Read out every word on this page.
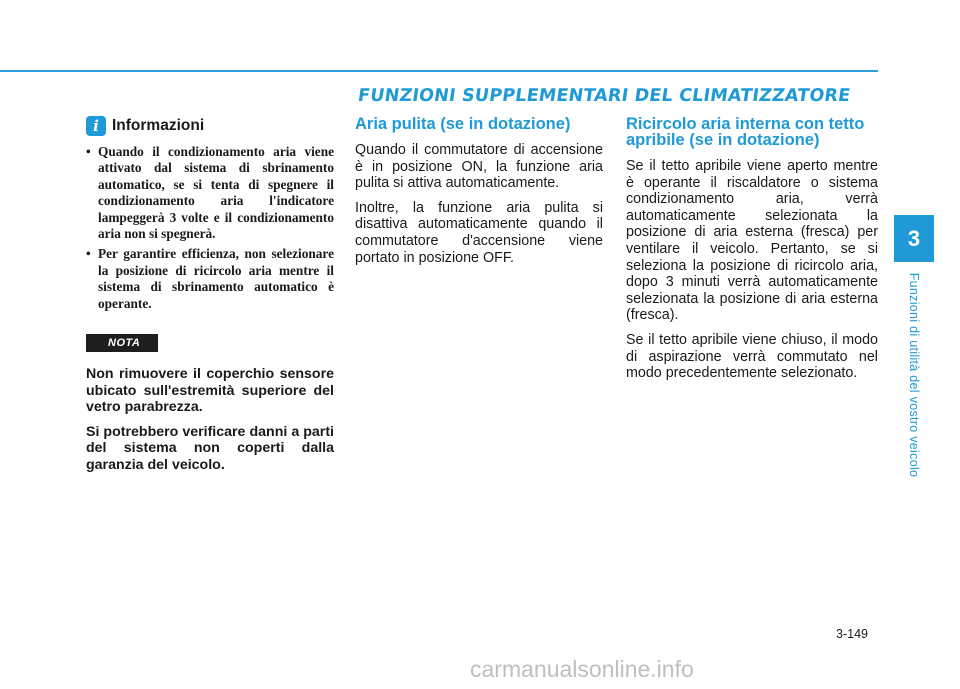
FUNZIONI SUPPLEMENTARI DEL CLIMATIZZATORE
i Informazioni
• Quando il condizionamento aria viene attivato dal sistema di sbrinamento automatico, se si tenta di spegnere il condizionamento aria l'indicatore lampeggerà 3 volte e il condizionamento aria non si spegnerà.
• Per garantire efficienza, non selezionare la posizione di ricircolo aria mentre il sistema di sbrinamento automatico è operante.
NOTA

Non rimuovere il coperchio sensore ubicato sull'estremità superiore del vetro parabrezza.

Si potrebbero verificare danni a parti del sistema non coperti dalla garanzia del veicolo.

Aria pulita (se in dotazione)

Quando il commutatore di accensione è in posizione ON, la funzione aria pulita si attiva automaticamente.

Inoltre, la funzione aria pulita si disattiva automaticamente quando il commutatore d'accensione viene portato in posizione OFF.

Ricircolo aria interna con tetto apribile (se in dotazione)

Se il tetto apribile viene aperto mentre è operante il riscaldatore o sistema condizionamento aria, verrà automaticamente selezionata la posizione di aria esterna (fresca) per ventilare il veicolo. Pertanto, se si seleziona la posizione di ricircolo aria, dopo 3 minuti verrà automaticamente selezionata la posizione di aria esterna (fresca).

Se il tetto apribile viene chiuso, il modo di aspirazione verrà commutato nel modo precedentemente selezionato.

3
Funzioni di utilità del vostro veicolo
3-149
carmanualsonline.info
